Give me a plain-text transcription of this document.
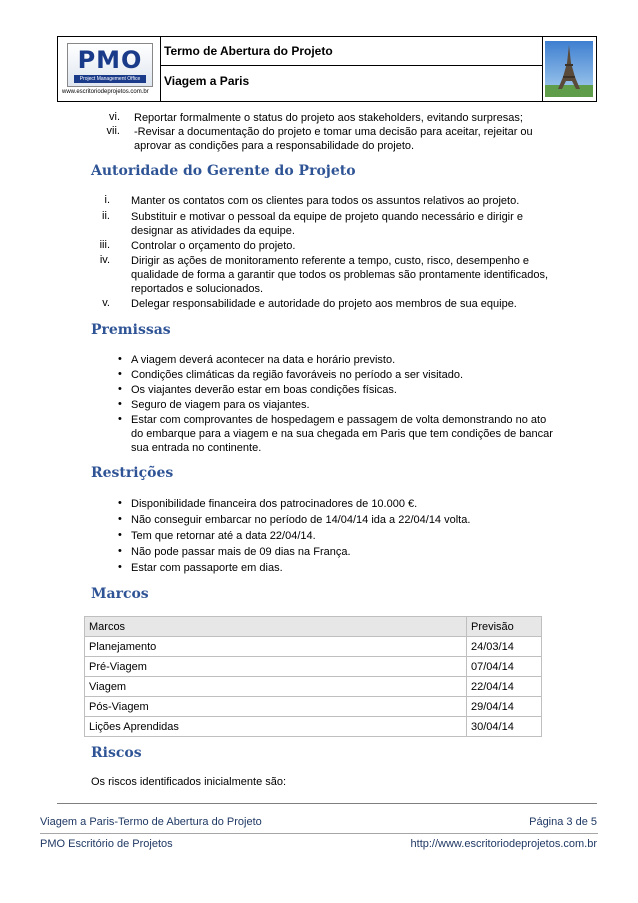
PMO
Project Management Office
www.escritoriodeprojetos.com.br
Termo de Abertura do Projeto
Viagem a Paris
vi. Reportar formalmente o status do projeto aos stakeholders, evitando surpresas;
vii. -Revisar a documentação do projeto e tomar uma decisão para aceitar, rejeitar ou
aprovar as condições para a responsabilidade do projeto.
Autoridade do Gerente do Projeto
i. Manter os contatos com os clientes para todos os assuntos relativos ao projeto.
ii. Substituir e motivar o pessoal da equipe de projeto quando necessário e dirigir e
designar as atividades da equipe.
iii. Controlar o orçamento do projeto.
iv. Dirigir as ações de monitoramento referente a tempo, custo, risco, desempenho e
qualidade de forma a garantir que todos os problemas são prontamente identificados,
reportados e solucionados.
v. Delegar responsabilidade e autoridade do projeto aos membros de sua equipe.
Premissas
• A viagem deverá acontecer na data e horário previsto.
• Condições climáticas da região favoráveis no período a ser visitado.
• Os viajantes deverão estar em boas condições físicas.
• Seguro de viagem para os viajantes.
• Estar com comprovantes de hospedagem e passagem de volta demonstrando no ato
do embarque para a viagem e na sua chegada em Paris que tem condições de bancar
sua entrada no continente.
Restrições
• Disponibilidade financeira dos patrocinadores de 10.000 €.
• Não conseguir embarcar no período de 14/04/14 ida a 22/04/14 volta.
• Tem que retornar até a data 22/04/14.
• Não pode passar mais de 09 dias na França.
• Estar com passaporte em dias.
Marcos
Marcos	Previsão
Planejamento	24/03/14
Pré-Viagem	07/04/14
Viagem	22/04/14
Pós-Viagem	29/04/14
Lições Aprendidas	30/04/14
Riscos
Os riscos identificados inicialmente são:
Viagem a Paris-Termo de Abertura do Projeto	Página 3 de 5
PMO Escritório de Projetos	http://www.escritoriodeprojetos.com.br
